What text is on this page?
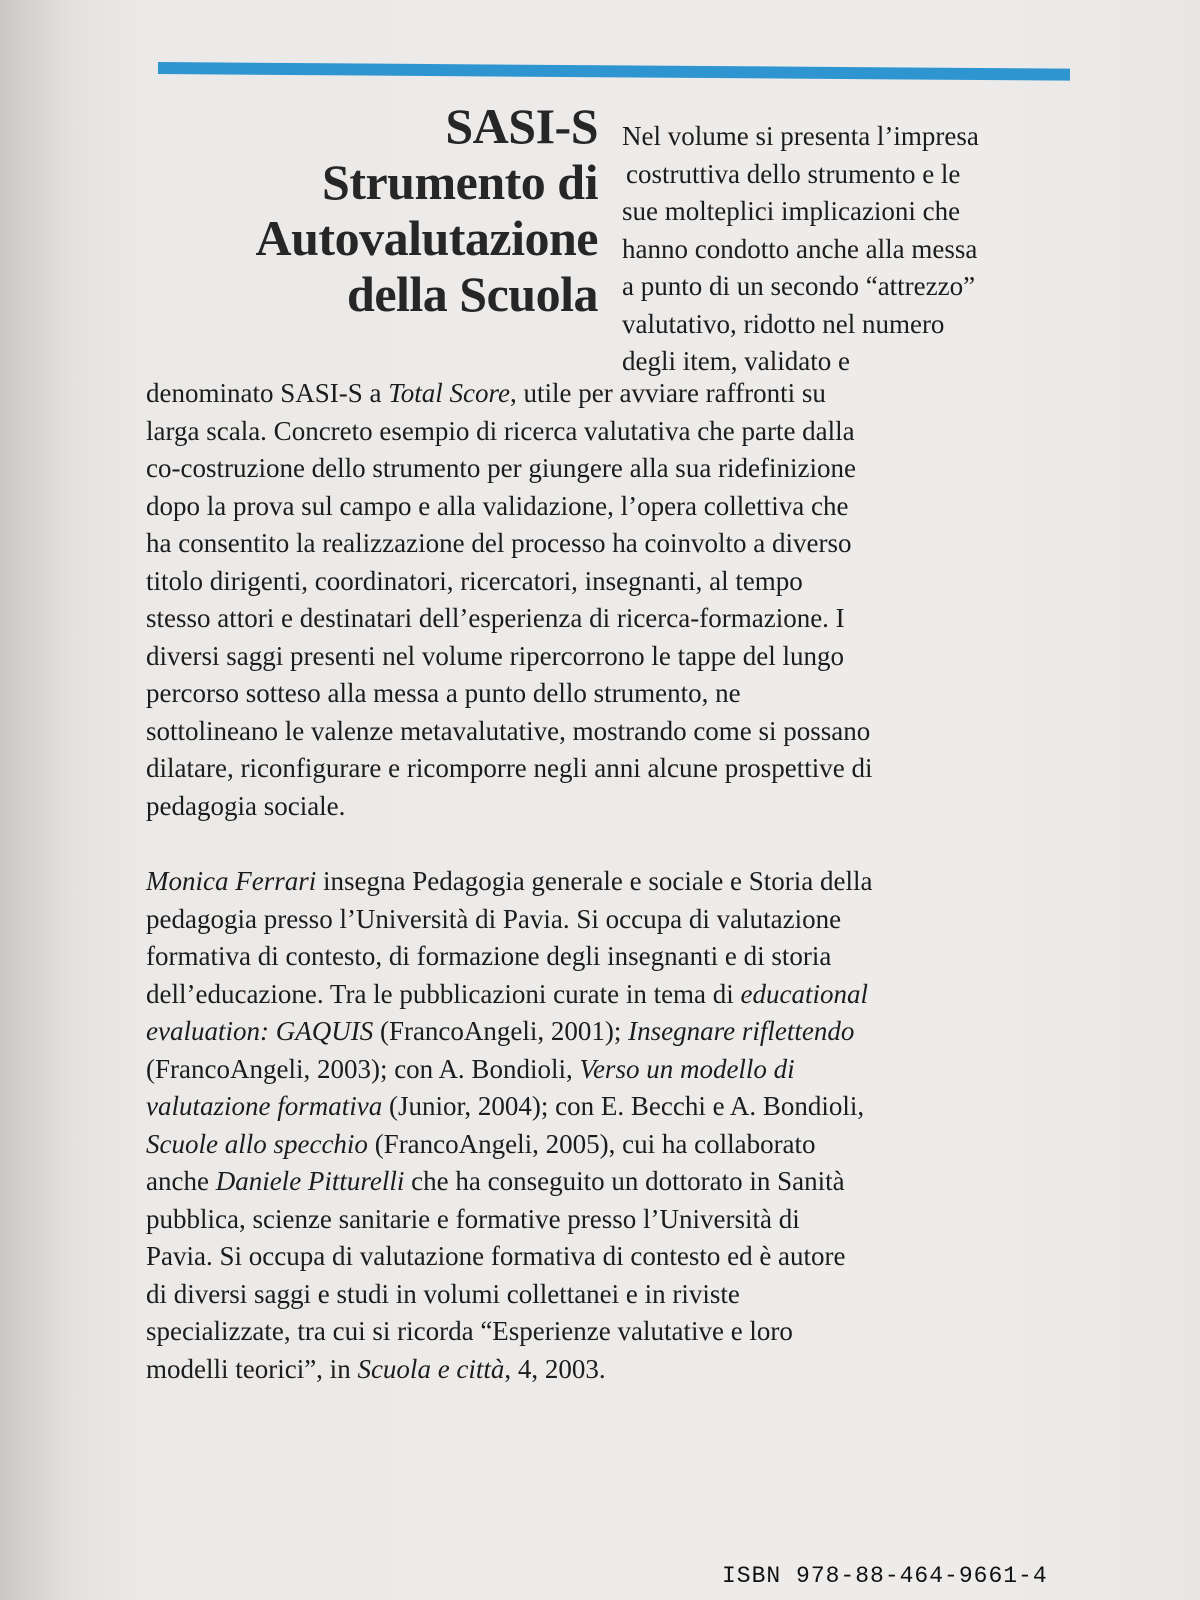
SASI-S
Strumento di
Autovalutazione
della Scuola
Nel volume si presenta l’impresa
costruttiva dello strumento e le
sue molteplici implicazioni che
hanno condotto anche alla messa
a punto di un secondo “attrezzo”
valutativo, ridotto nel numero
degli item, validato e
denominato SASI-S a Total Score, utile per avviare raffronti su
larga scala. Concreto esempio di ricerca valutativa che parte dalla
co-costruzione dello strumento per giungere alla sua ridefinizione
dopo la prova sul campo e alla validazione, l’opera collettiva che
ha consentito la realizzazione del processo ha coinvolto a diverso
titolo dirigenti, coordinatori, ricercatori, insegnanti, al tempo
stesso attori e destinatari dell’esperienza di ricerca-formazione. I
diversi saggi presenti nel volume ripercorrono le tappe del lungo
percorso sotteso alla messa a punto dello strumento, ne
sottolineano le valenze metavalutative, mostrando come si possano
dilatare, riconfigurare e ricomporre negli anni alcune prospettive di
pedagogia sociale.
Monica Ferrari insegna Pedagogia generale e sociale e Storia della
pedagogia presso l’Università di Pavia. Si occupa di valutazione
formativa di contesto, di formazione degli insegnanti e di storia
dell’educazione. Tra le pubblicazioni curate in tema di educational
evaluation: GAQUIS (FrancoAngeli, 2001); Insegnare riflettendo
(FrancoAngeli, 2003); con A. Bondioli, Verso un modello di
valutazione formativa (Junior, 2004); con E. Becchi e A. Bondioli,
Scuole allo specchio (FrancoAngeli, 2005), cui ha collaborato
anche Daniele Pitturelli che ha conseguito un dottorato in Sanità
pubblica, scienze sanitarie e formative presso l’Università di
Pavia. Si occupa di valutazione formativa di contesto ed è autore
di diversi saggi e studi in volumi collettanei e in riviste
specializzate, tra cui si ricorda “Esperienze valutative e loro
modelli teorici”, in Scuola e città, 4, 2003.
ISBN 978-88-464-9661-4
